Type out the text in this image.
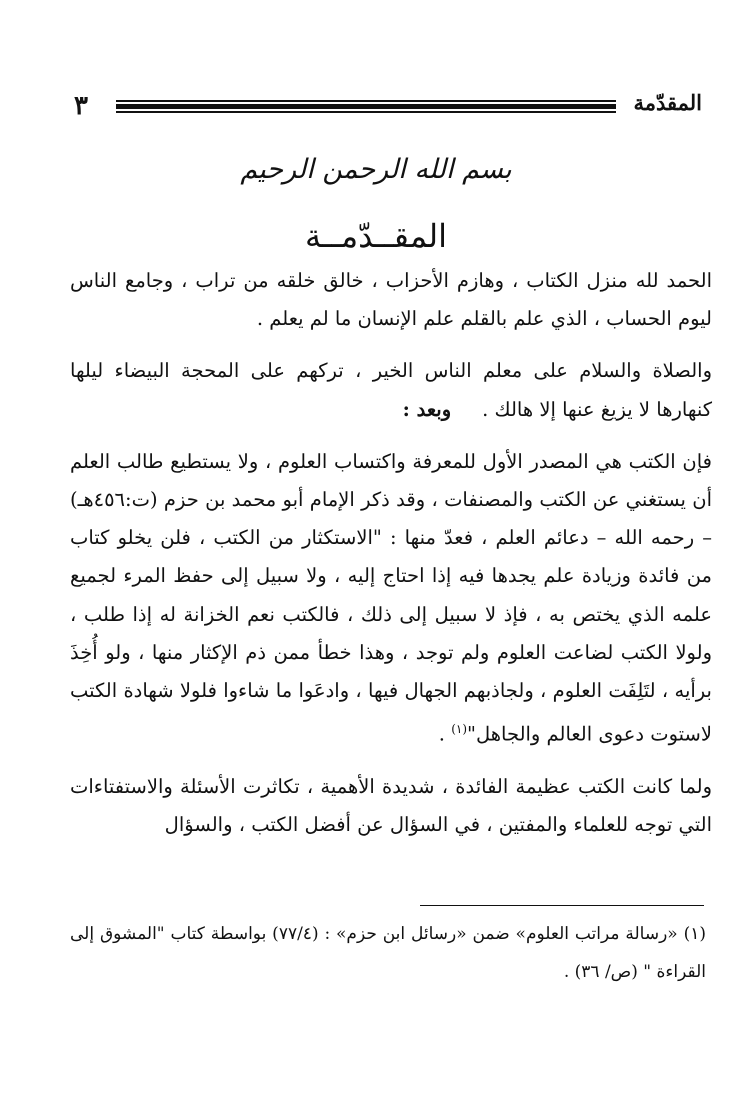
٣	المقدّمة
بسم الله الرحمن الرحيم
المقــدّمــة

الحمد لله منزل الكتاب ، وهازم الأحزاب ، خالق خلقه من تراب ، وجامع الناس ليوم الحساب ، الذي علم بالقلم علم الإنسان ما لم يعلم .

والصلاة والسلام على معلم الناس الخير ، تركهم على المحجة البيضاء ليلها كنهارها لا يزيغ عنها إلا هالك .     وبعد :

فإن الكتب هي المصدر الأول للمعرفة واكتساب العلوم ، ولا يستطيع طالب العلم أن يستغني عن الكتب والمصنفات ، وقد ذكر الإمام أبو محمد بن حزم (ت:٤٥٦هـ) – رحمه الله – دعائم العلم ، فعدّ منها : "الاستكثار من الكتب ، فلن يخلو كتاب من فائدة وزيادة علم يجدها فيه إذا احتاج إليه ، ولا سبيل إلى حفظ المرء لجميع علمه الذي يختص به ، فإذ لا سبيل إلى ذلك ، فالكتب نعم الخزانة له إذا طلب ، ولولا الكتب لضاعت العلوم ولم توجد ، وهذا خطأ ممن ذم الإكثار منها ، ولو أُخِذَ برأيه ، لتَلِفَت العلوم ، ولجاذبهم الجهال فيها ، وادعَوا ما شاءوا فلولا شهادة الكتب لاستوت دعوى العالم والجاهل"$^{(١)}$ .

ولما كانت الكتب عظيمة الفائدة ، شديدة الأهمية ، تكاثرت الأسئلة والاستفتاءات التي توجه للعلماء والمفتين ، في السؤال عن أفضل الكتب ، والسؤال

(١) «رسالة مراتب العلوم» ضمن «رسائل ابن حزم» : (٧٧/٤) بواسطة كتاب "المشوق إلى القراءة " (ص/ ٣٦) .
